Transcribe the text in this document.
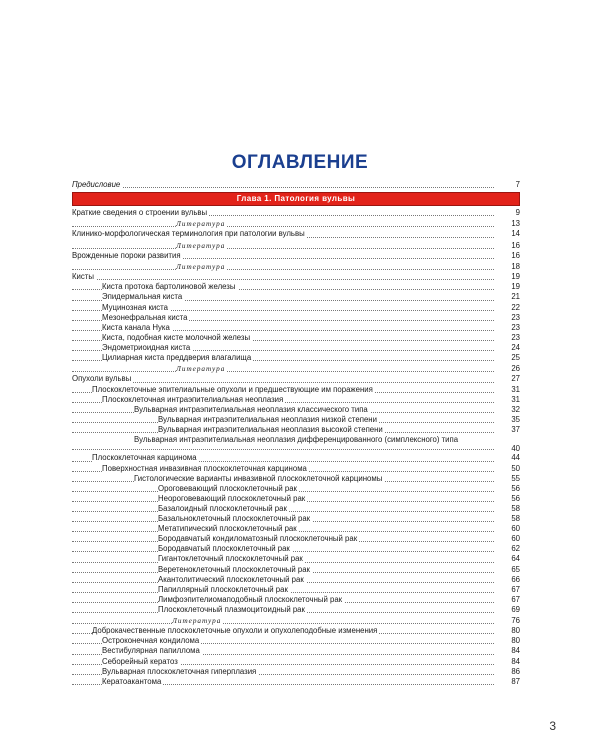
ОГЛАВЛЕНИЕ
Предисловие	7
Глава 1. Патология вульвы
Краткие сведения о строении вульвы	9
Литература	13
Клинико-морфологическая терминология при патологии вульвы	14
Литература	16
Врожденные пороки развития	16
Литература	18
Кисты	19
Киста протока бартолиновой железы	19
Эпидермальная киста	21
Муцинозная киста	22
Мезонефральная киста	23
Киста канала Нука	23
Киста, подобная кисте молочной железы	23
Эндометриоидная киста	24
Цилиарная киста преддверия влагалища	25
Литература	26
Опухоли вульвы	27
Плоскоклеточные эпителиальные опухоли и предшествующие им поражения	31
Плоскоклеточная интраэпителиальная неоплазия	31
Вульварная интраэпителиальная неоплазия классического типа	32
Вульварная интраэпителиальная неоплазия низкой степени	35
Вульварная интраэпителиальная неоплазия высокой степени	37
Вульварная интраэпителиальная неоплазия дифференцированного (симплексного) типа
40
Плоскоклеточная карцинома	44
Поверхностная инвазивная плоскоклеточная карцинома	50
Гистологические варианты инвазивной плоскоклеточной карциномы	55
Ороговевающий плоскоклеточный рак	56
Неороговевающий плоскоклеточный рак	56
Базалоидный плоскоклеточный рак	58
Базальноклеточный плоскоклеточный рак	58
Метатипический плоскоклеточный рак	60
Бородавчатый кондиломатозный плоскоклеточный рак	60
Бородавчатый плоскоклеточный рак	62
Гигантоклеточный плоскоклеточный рак	64
Веретеноклеточный плоскоклеточный рак	65
Акантолитический плоскоклеточный рак	66
Папиллярный плоскоклеточный рак	67
Лимфоэпителиомаподобный плоскоклеточный рак	67
Плоскоклеточный плазмоцитоидный рак	69
Литература	76
Доброкачественные плоскоклеточные опухоли и опухолеподобные изменения	80
Остроконечная кондилома	80
Вестибулярная папиллома	84
Себорейный кератоз	84
Вульварная плоскоклеточная гиперплазия	86
Кератоакантома	87
3
